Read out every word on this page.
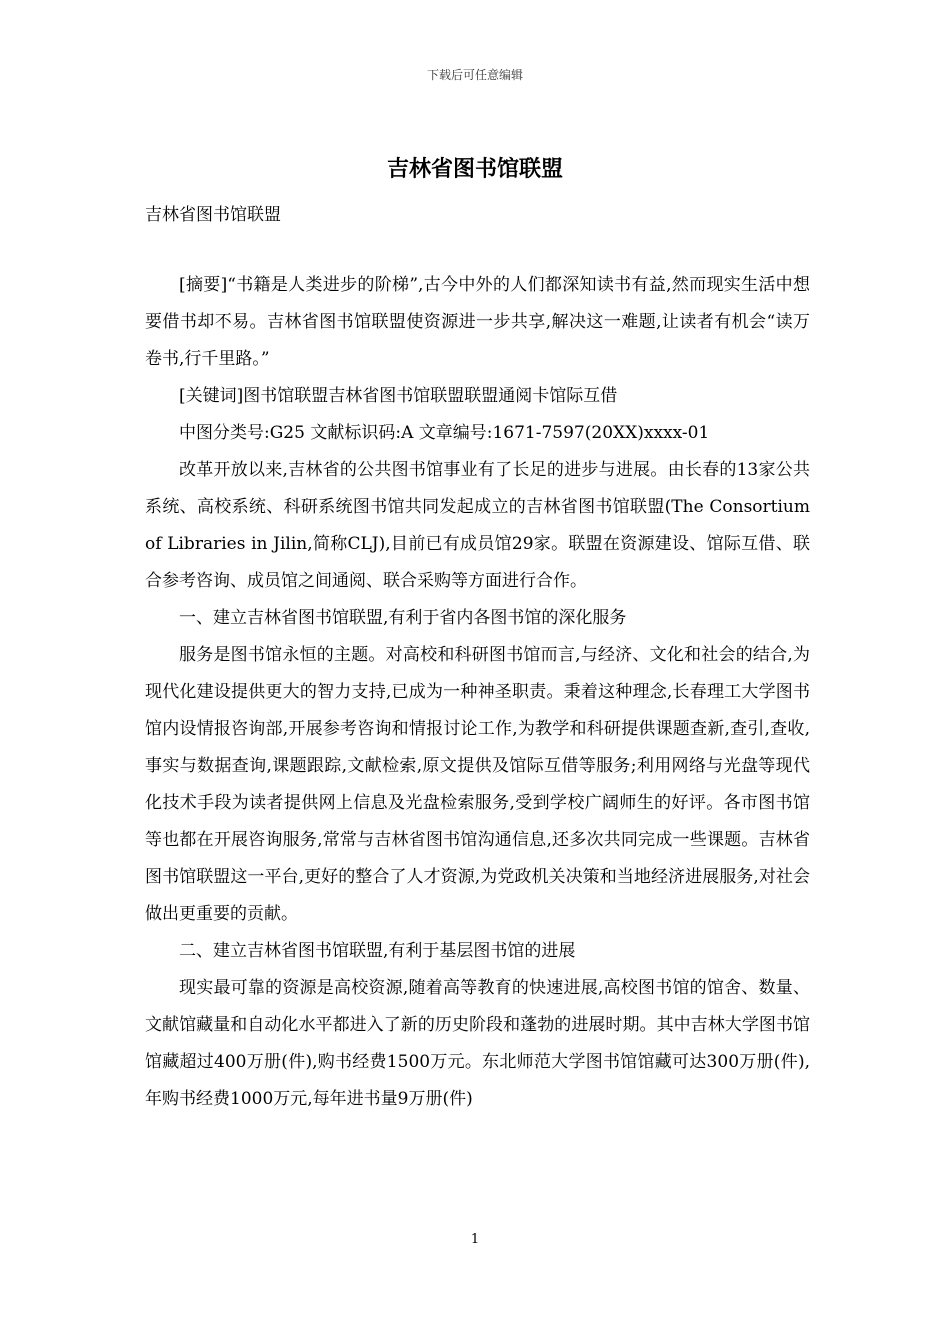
下载后可任意编辑
吉林省图书馆联盟

吉林省图书馆联盟

[摘要]“书籍是人类进步的阶梯”,古今中外的人们都深知读书有益,然而现实生活中想要借书却不易。吉林省图书馆联盟使资源进一步共享,解决这一难题,让读者有机会“读万卷书,行千里路。”

[关键词]图书馆联盟吉林省图书馆联盟联盟通阅卡馆际互借

中图分类号:G25 文献标识码:A 文章编号:1671-7597(20XX)xxxx-01

改革开放以来,吉林省的公共图书馆事业有了长足的进步与进展。由长春的13家公共系统、高校系统、科研系统图书馆共同发起成立的吉林省图书馆联盟(The Consortium of Libraries in Jilin,简称CLJ),目前已有成员馆29家。联盟在资源建设、馆际互借、联合参考咨询、成员馆之间通阅、联合采购等方面进行合作。

一、建立吉林省图书馆联盟,有利于省内各图书馆的深化服务

服务是图书馆永恒的主题。对高校和科研图书馆而言,与经济、文化和社会的结合,为现代化建设提供更大的智力支持,已成为一种神圣职责。秉着这种理念,长春理工大学图书馆内设情报咨询部,开展参考咨询和情报讨论工作,为教学和科研提供课题查新,查引,查收,事实与数据查询,课题跟踪,文献检索,原文提供及馆际互借等服务;利用网络与光盘等现代化技术手段为读者提供网上信息及光盘检索服务,受到学校广阔师生的好评。各市图书馆等也都在开展咨询服务,常常与吉林省图书馆沟通信息,还多次共同完成一些课题。吉林省图书馆联盟这一平台,更好的整合了人才资源,为党政机关决策和当地经济进展服务,对社会做出更重要的贡献。

二、建立吉林省图书馆联盟,有利于基层图书馆的进展

现实最可靠的资源是高校资源,随着高等教育的快速进展,高校图书馆的馆舍、数量、文献馆藏量和自动化水平都进入了新的历史阶段和蓬勃的进展时期。其中吉林大学图书馆馆藏超过400万册(件),购书经费1500万元。东北师范大学图书馆馆藏可达300万册(件),年购书经费1000万元,每年进书量9万册(件)

1
